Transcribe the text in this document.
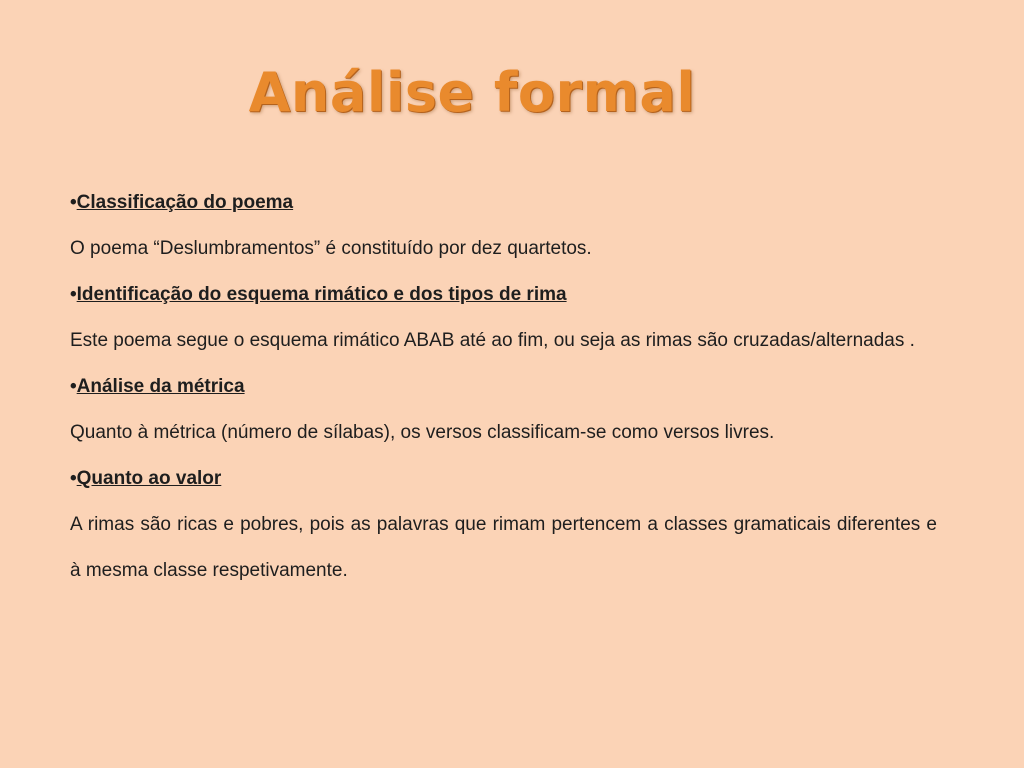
Análise formal
•Classificação do poema

O poema “Deslumbramentos” é constituído por dez quartetos.

•Identificação do esquema rimático e dos tipos de rima

Este poema segue o esquema rimático ABAB até ao fim, ou seja as rimas são cruzadas/alternadas .

•Análise da métrica

Quanto à métrica (número de sílabas), os versos classificam-se como versos livres.

•Quanto ao valor

A rimas são ricas e pobres, pois as palavras que rimam pertencem a classes gramaticais diferentes e à mesma classe respetivamente.
